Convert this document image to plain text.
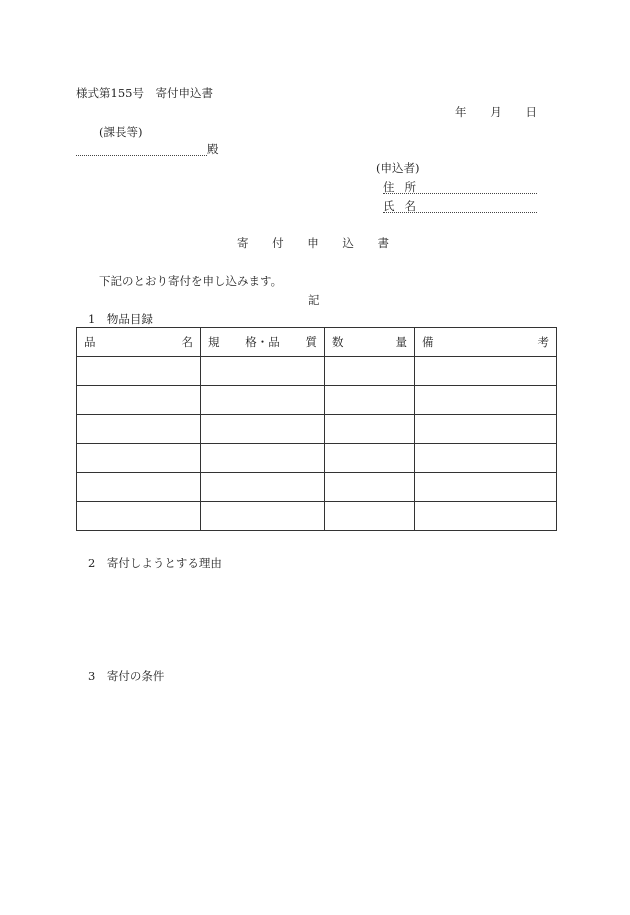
様式第155号　寄付申込書
年 月 日
(課長等)
殿
(申込者)
住 所
氏 名
寄 付 申 込 書
下記のとおり寄付を申し込みます。
記
1　物品目録
品 名	規 格・品 質	数 量	備 考

2　寄付しようとする理由
3　寄付の条件
